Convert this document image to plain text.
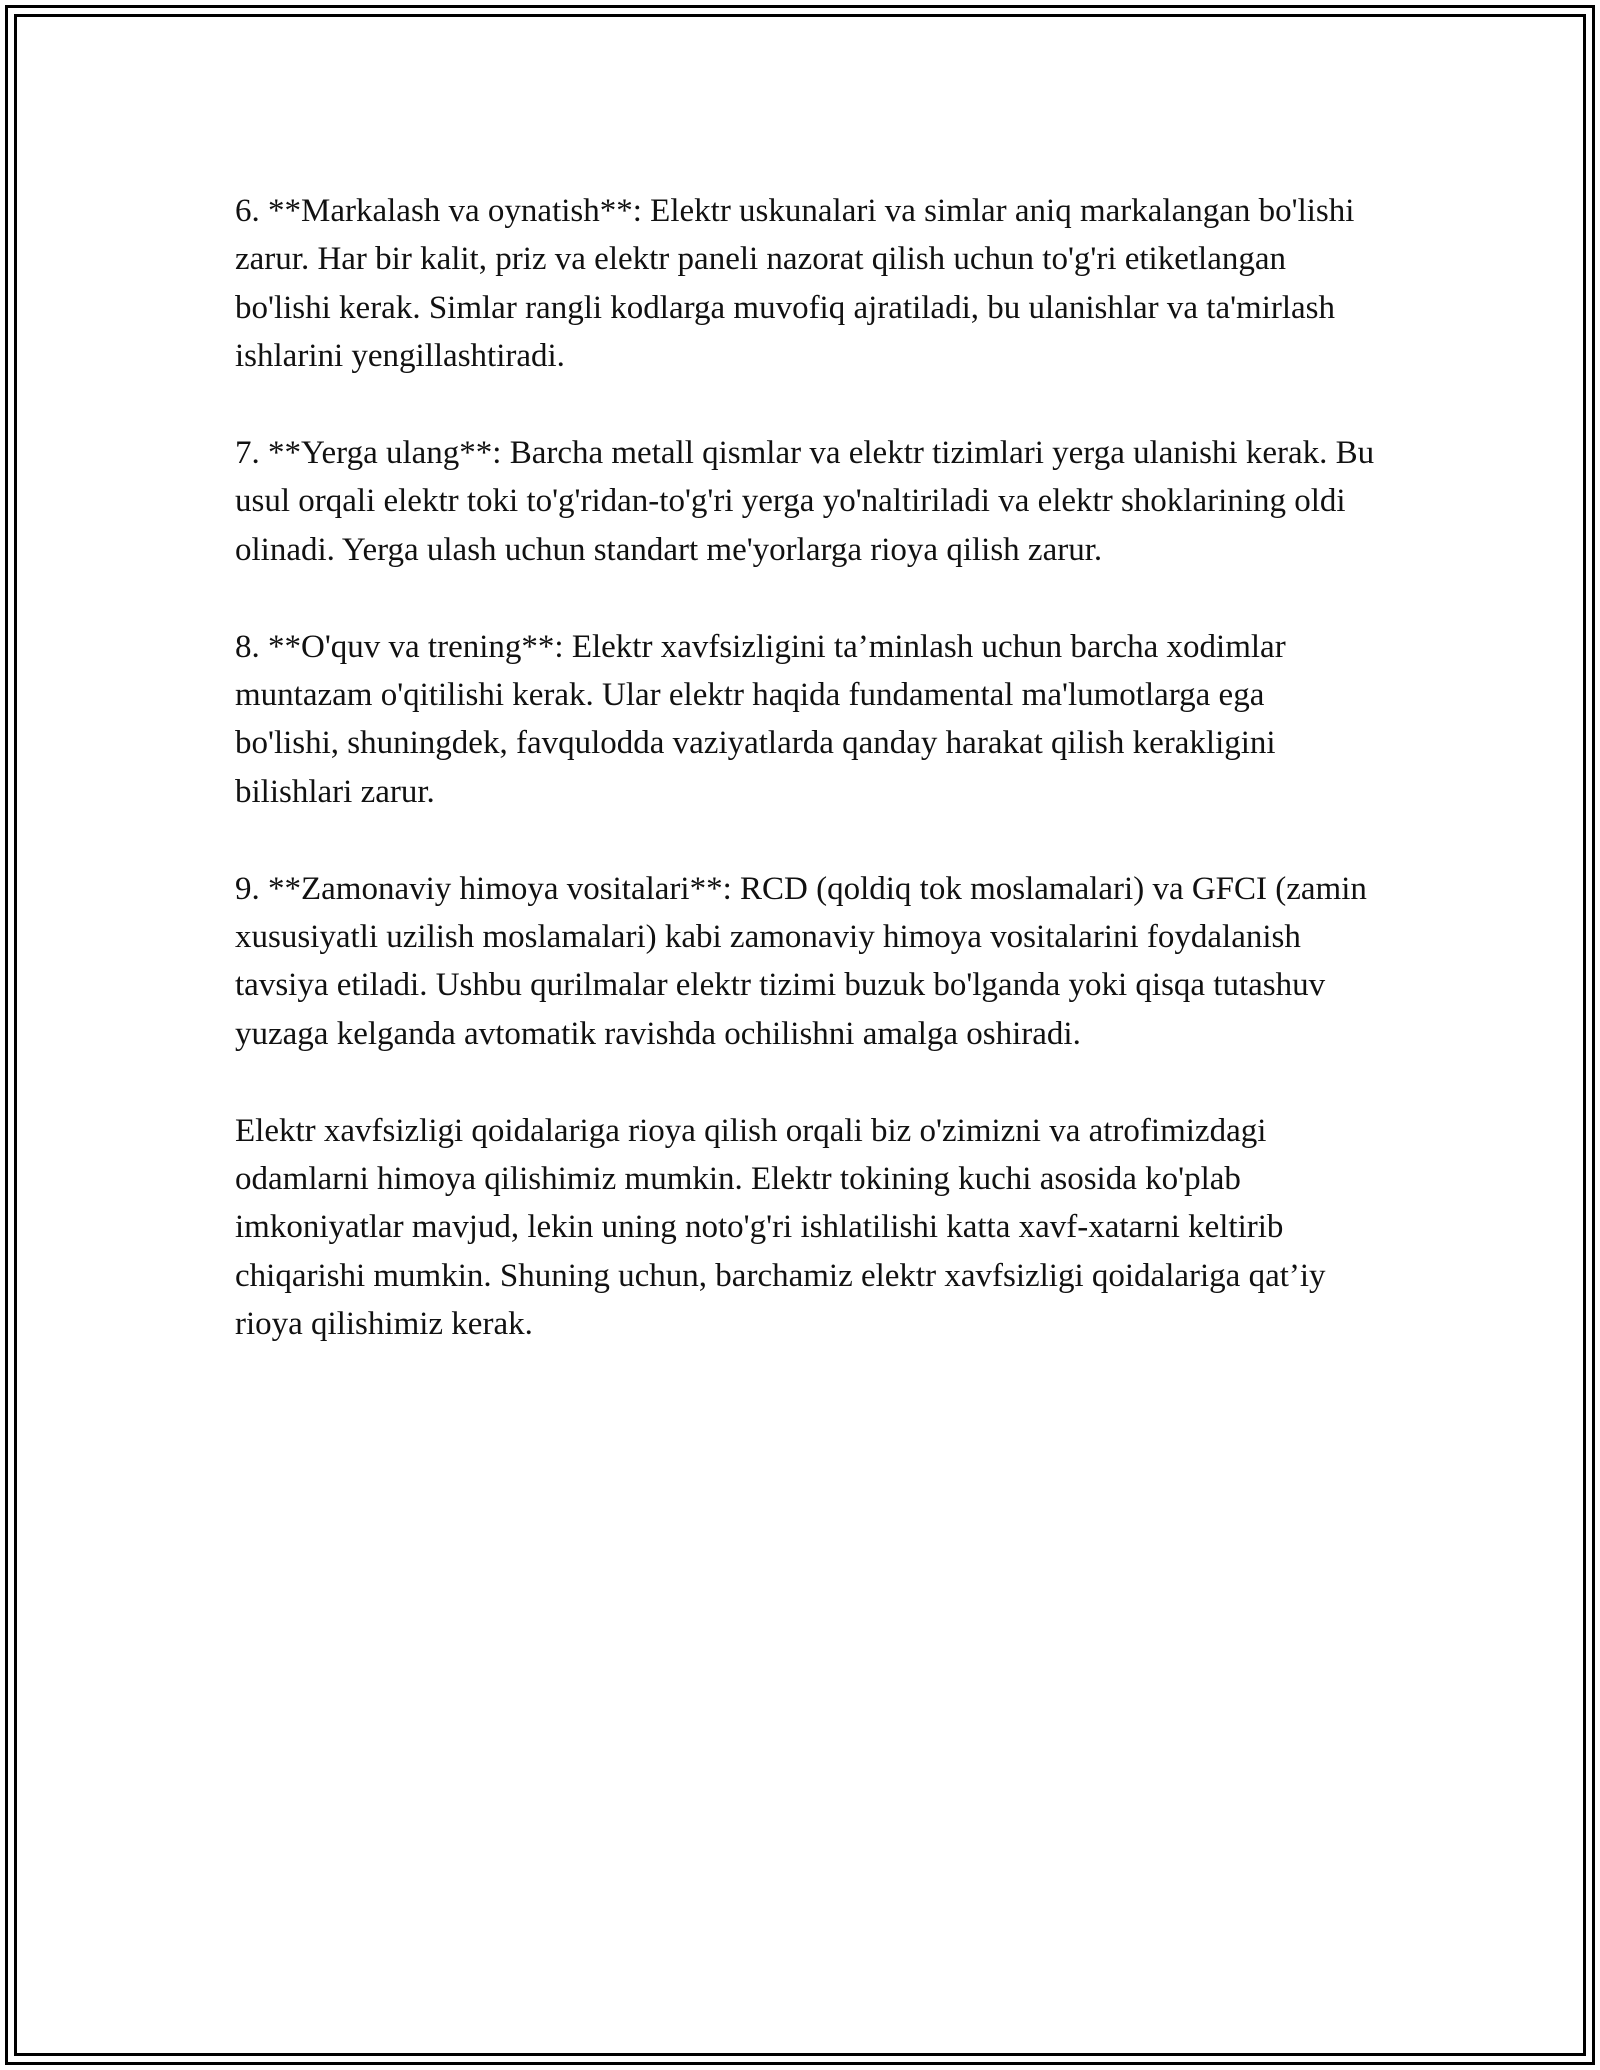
6. **Markalash va oynatish**: Elektr uskunalari va simlar aniq markalangan bo'lishi zarur. Har bir kalit, priz va elektr paneli nazorat qilish uchun to'g'ri etiketlangan bo'lishi kerak. Simlar rangli kodlarga muvofiq ajratiladi, bu ulanishlar va ta'mirlash ishlarini yengillashtiradi.

7. **Yerga ulang**: Barcha metall qismlar va elektr tizimlari yerga ulanishi kerak. Bu usul orqali elektr toki to'g'ridan-to'g'ri yerga yo'naltiriladi va elektr shoklarining oldi olinadi. Yerga ulash uchun standart me'yorlarga rioya qilish zarur.

8. **O'quv va trening**: Elektr xavfsizligini ta’minlash uchun barcha xodimlar muntazam o'qitilishi kerak. Ular elektr haqida fundamental ma'lumotlarga ega bo'lishi, shuningdek, favqulodda vaziyatlarda qanday harakat qilish kerakligini bilishlari zarur.

9. **Zamonaviy himoya vositalari**: RCD (qoldiq tok moslamalari) va GFCI (zamin xususiyatli uzilish moslamalari) kabi zamonaviy himoya vositalarini foydalanish tavsiya etiladi. Ushbu qurilmalar elektr tizimi buzuk bo'lganda yoki qisqa tutashuv yuzaga kelganda avtomatik ravishda ochilishni amalga oshiradi.

Elektr xavfsizligi qoidalariga rioya qilish orqali biz o'zimizni va atrofimizdagi odamlarni himoya qilishimiz mumkin. Elektr tokining kuchi asosida ko'plab imkoniyatlar mavjud, lekin uning noto'g'ri ishlatilishi katta xavf-xatarni keltirib chiqarishi mumkin. Shuning uchun, barchamiz elektr xavfsizligi qoidalariga qat’iy rioya qilishimiz kerak.
